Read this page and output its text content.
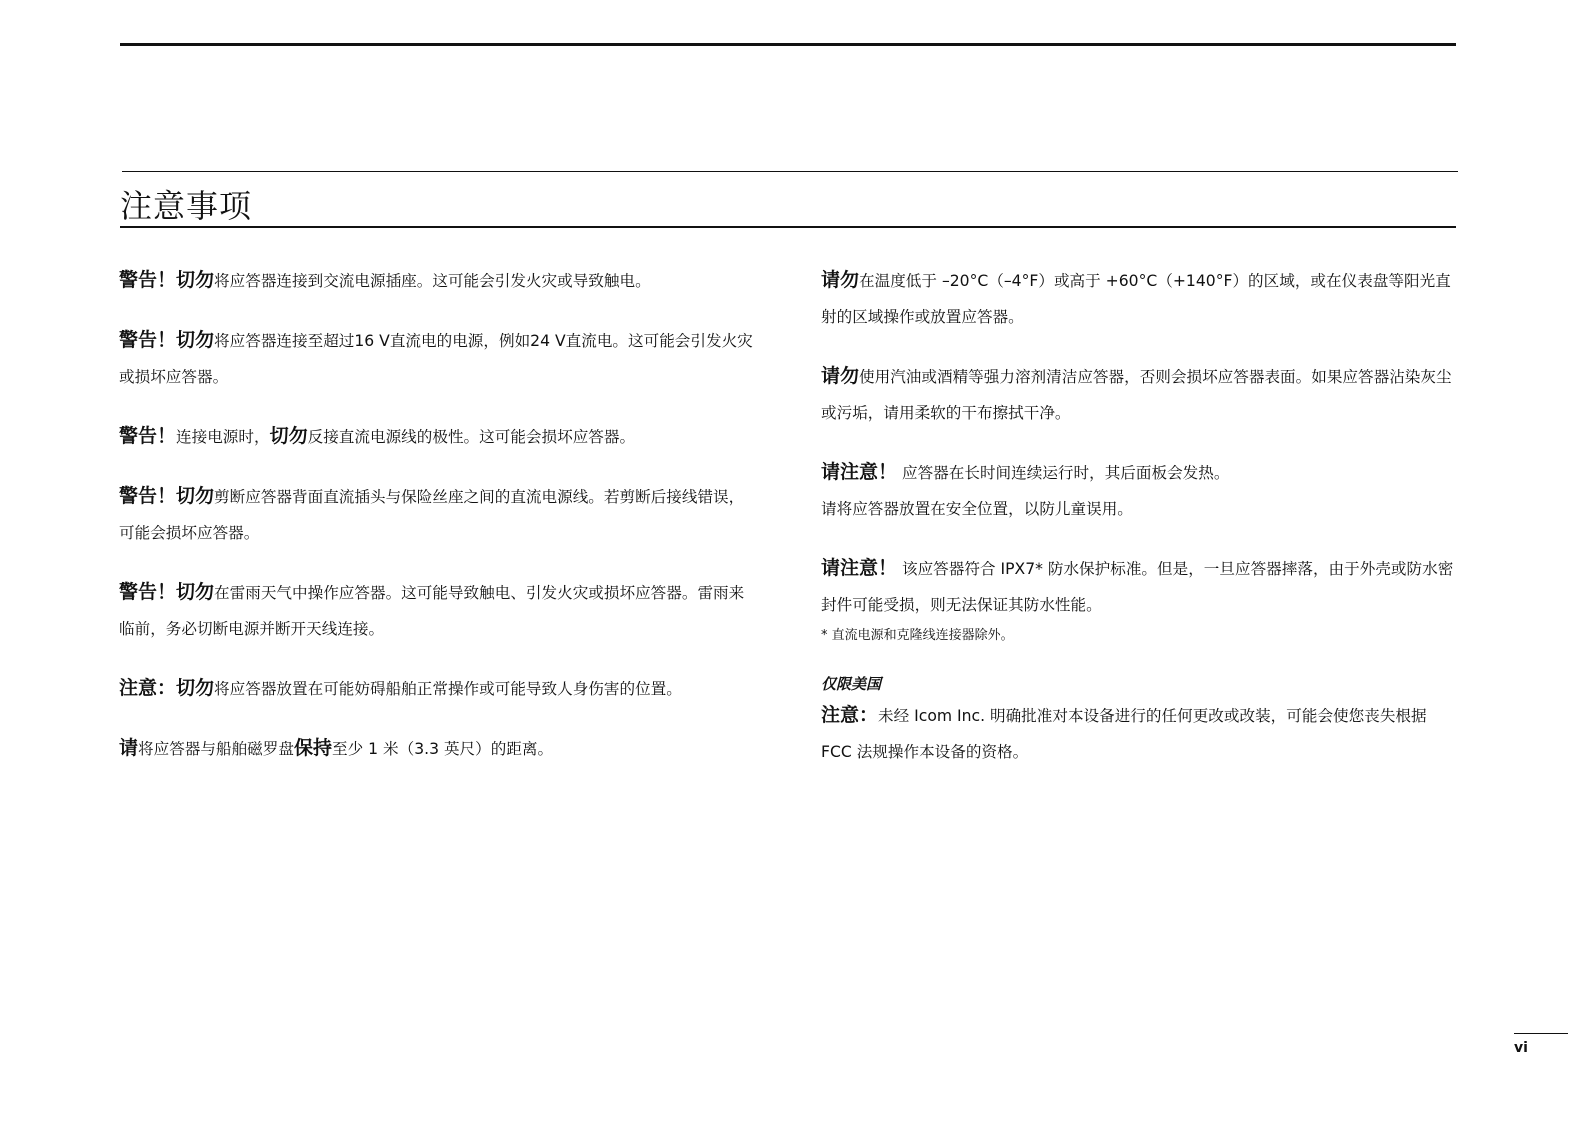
注意事项

警告！切勿将应答器连接到交流电源插座。这可能会引发火灾或导致触电。

警告！切勿将应答器连接至超过16 V直流电的电源，例如24 V直流电。这可能会引发火灾或损坏应答器。

警告！连接电源时，切勿反接直流电源线的极性。这可能会损坏应答器。

警告！切勿剪断应答器背面直流插头与保险丝座之间的直流电源线。若剪断后接线错误，可能会损坏应答器。

警告！切勿在雷雨天气中操作应答器。这可能导致触电、引发火灾或损坏应答器。雷雨来临前，务必切断电源并断开天线连接。

注意：切勿将应答器放置在可能妨碍船舶正常操作或可能导致人身伤害的位置。

请将应答器与船舶磁罗盘保持至少 1 米（3.3 英尺）的距离。

请勿在温度低于 –20°C（–4°F）或高于 +60°C（+140°F）的区域，或在仪表盘等阳光直射的区域操作或放置应答器。

请勿使用汽油或酒精等强力溶剂清洁应答器，否则会损坏应答器表面。如果应答器沾染灰尘或污垢，请用柔软的干布擦拭干净。

请注意！ 应答器在长时间连续运行时，其后面板会发热。
请将应答器放置在安全位置，以防儿童误用。

请注意！ 该应答器符合 IPX7* 防水保护标准。但是，一旦应答器摔落，由于外壳或防水密封件可能受损，则无法保证其防水性能。

* 直流电源和克隆线连接器除外。

仅限美国

注意：未经 Icom Inc. 明确批准对本设备进行的任何更改或改装，可能会使您丧失根据 FCC 法规操作本设备的资格。

vi
